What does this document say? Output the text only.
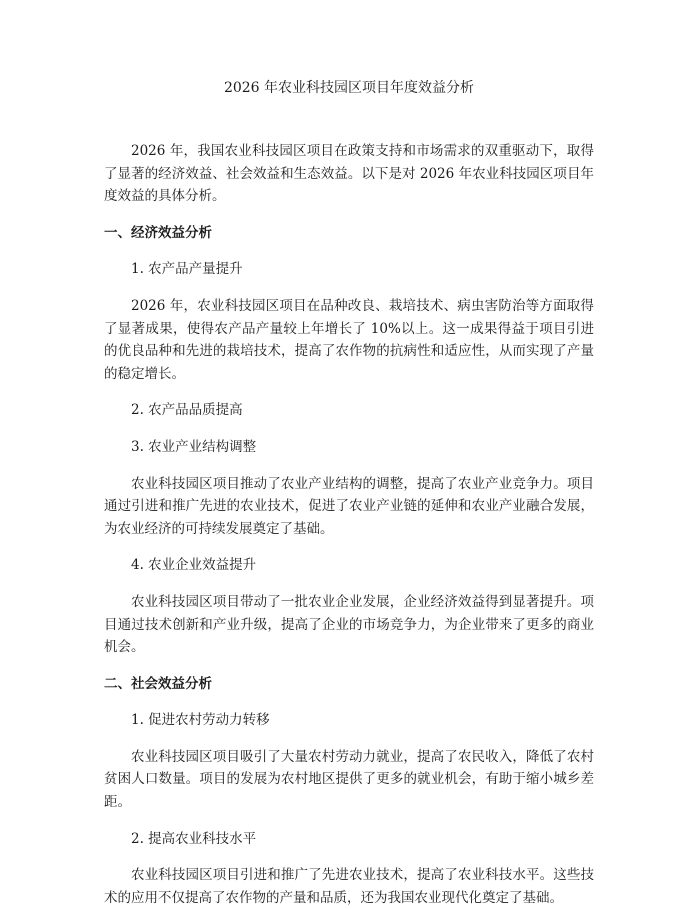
2026 年农业科技园区项目年度效益分析

2026 年，我国农业科技园区项目在政策支持和市场需求的双重驱动下，取得了显著的经济效益、社会效益和生态效益。以下是对 2026 年农业科技园区项目年度效益的具体分析。

一、经济效益分析

1. 农产品产量提升

2026 年，农业科技园区项目在品种改良、栽培技术、病虫害防治等方面取得了显著成果，使得农产品产量较上年增长了 10%以上。这一成果得益于项目引进的优良品种和先进的栽培技术，提高了农作物的抗病性和适应性，从而实现了产量的稳定增长。

2. 农产品品质提高

3. 农业产业结构调整

农业科技园区项目推动了农业产业结构的调整，提高了农业产业竞争力。项目通过引进和推广先进的农业技术，促进了农业产业链的延伸和农业产业融合发展，为农业经济的可持续发展奠定了基础。

4. 农业企业效益提升

农业科技园区项目带动了一批农业企业发展，企业经济效益得到显著提升。项目通过技术创新和产业升级，提高了企业的市场竞争力，为企业带来了更多的商业机会。

二、社会效益分析

1. 促进农村劳动力转移

农业科技园区项目吸引了大量农村劳动力就业，提高了农民收入，降低了农村贫困人口数量。项目的发展为农村地区提供了更多的就业机会，有助于缩小城乡差距。

2. 提高农业科技水平

农业科技园区项目引进和推广了先进农业技术，提高了农业科技水平。这些技术的应用不仅提高了农作物的产量和品质，还为我国农业现代化奠定了基础。
